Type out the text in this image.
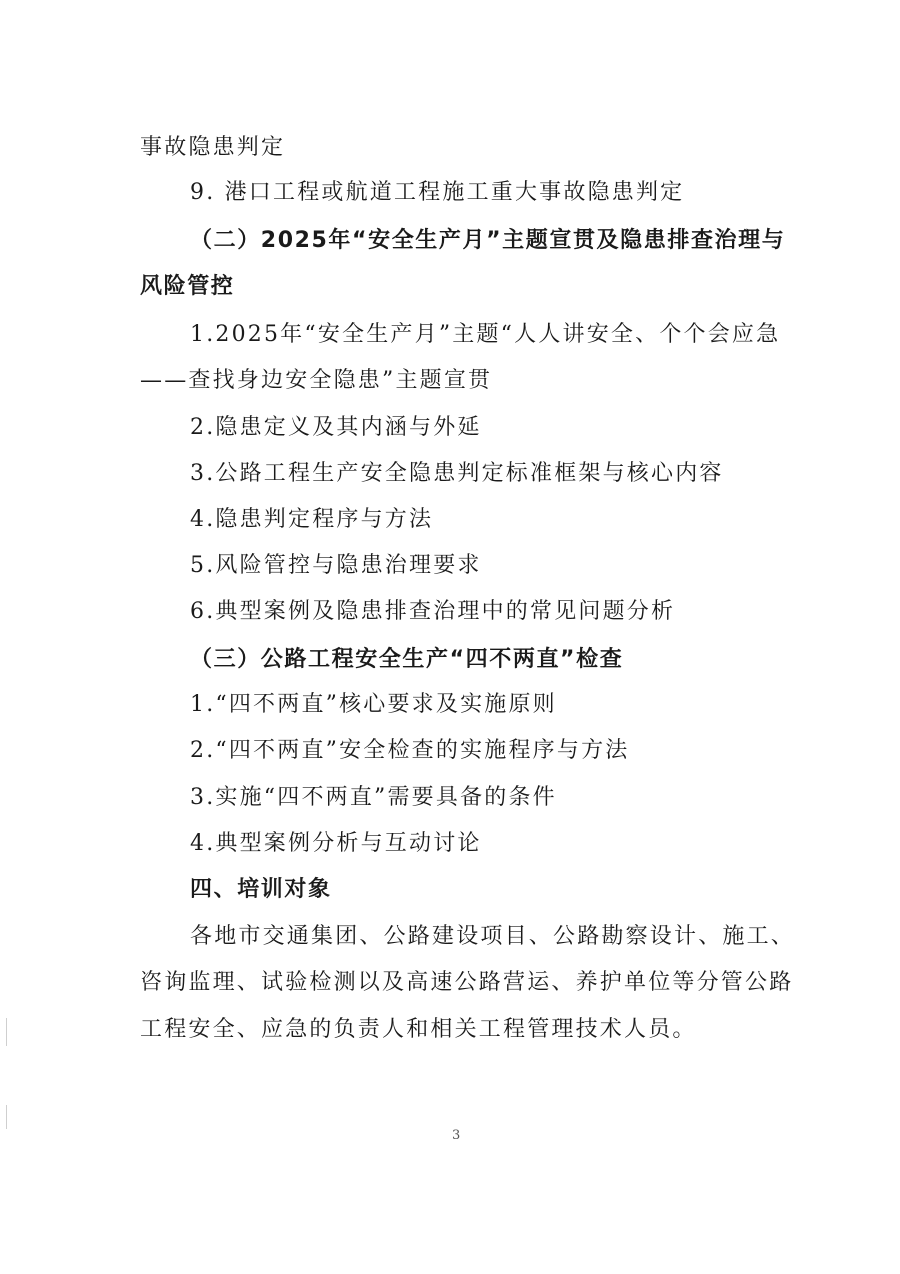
事故隐患判定
9. 港口工程或航道工程施工重大事故隐患判定
（二）2025年“安全生产月”主题宣贯及隐患排查治理与
风险管控
1.2025年“安全生产月”主题“人人讲安全、个个会应急
——查找身边安全隐患”主题宣贯
2.隐患定义及其内涵与外延
3.公路工程生产安全隐患判定标准框架与核心内容
4.隐患判定程序与方法
5.风险管控与隐患治理要求
6.典型案例及隐患排查治理中的常见问题分析
（三）公路工程安全生产“四不两直”检查
1.“四不两直”核心要求及实施原则
2.“四不两直”安全检查的实施程序与方法
3.实施“四不两直”需要具备的条件
4.典型案例分析与互动讨论
四、培训对象
各地市交通集团、公路建设项目、公路勘察设计、施工、
咨询监理、试验检测以及高速公路营运、养护单位等分管公路
工程安全、应急的负责人和相关工程管理技术人员。
3
